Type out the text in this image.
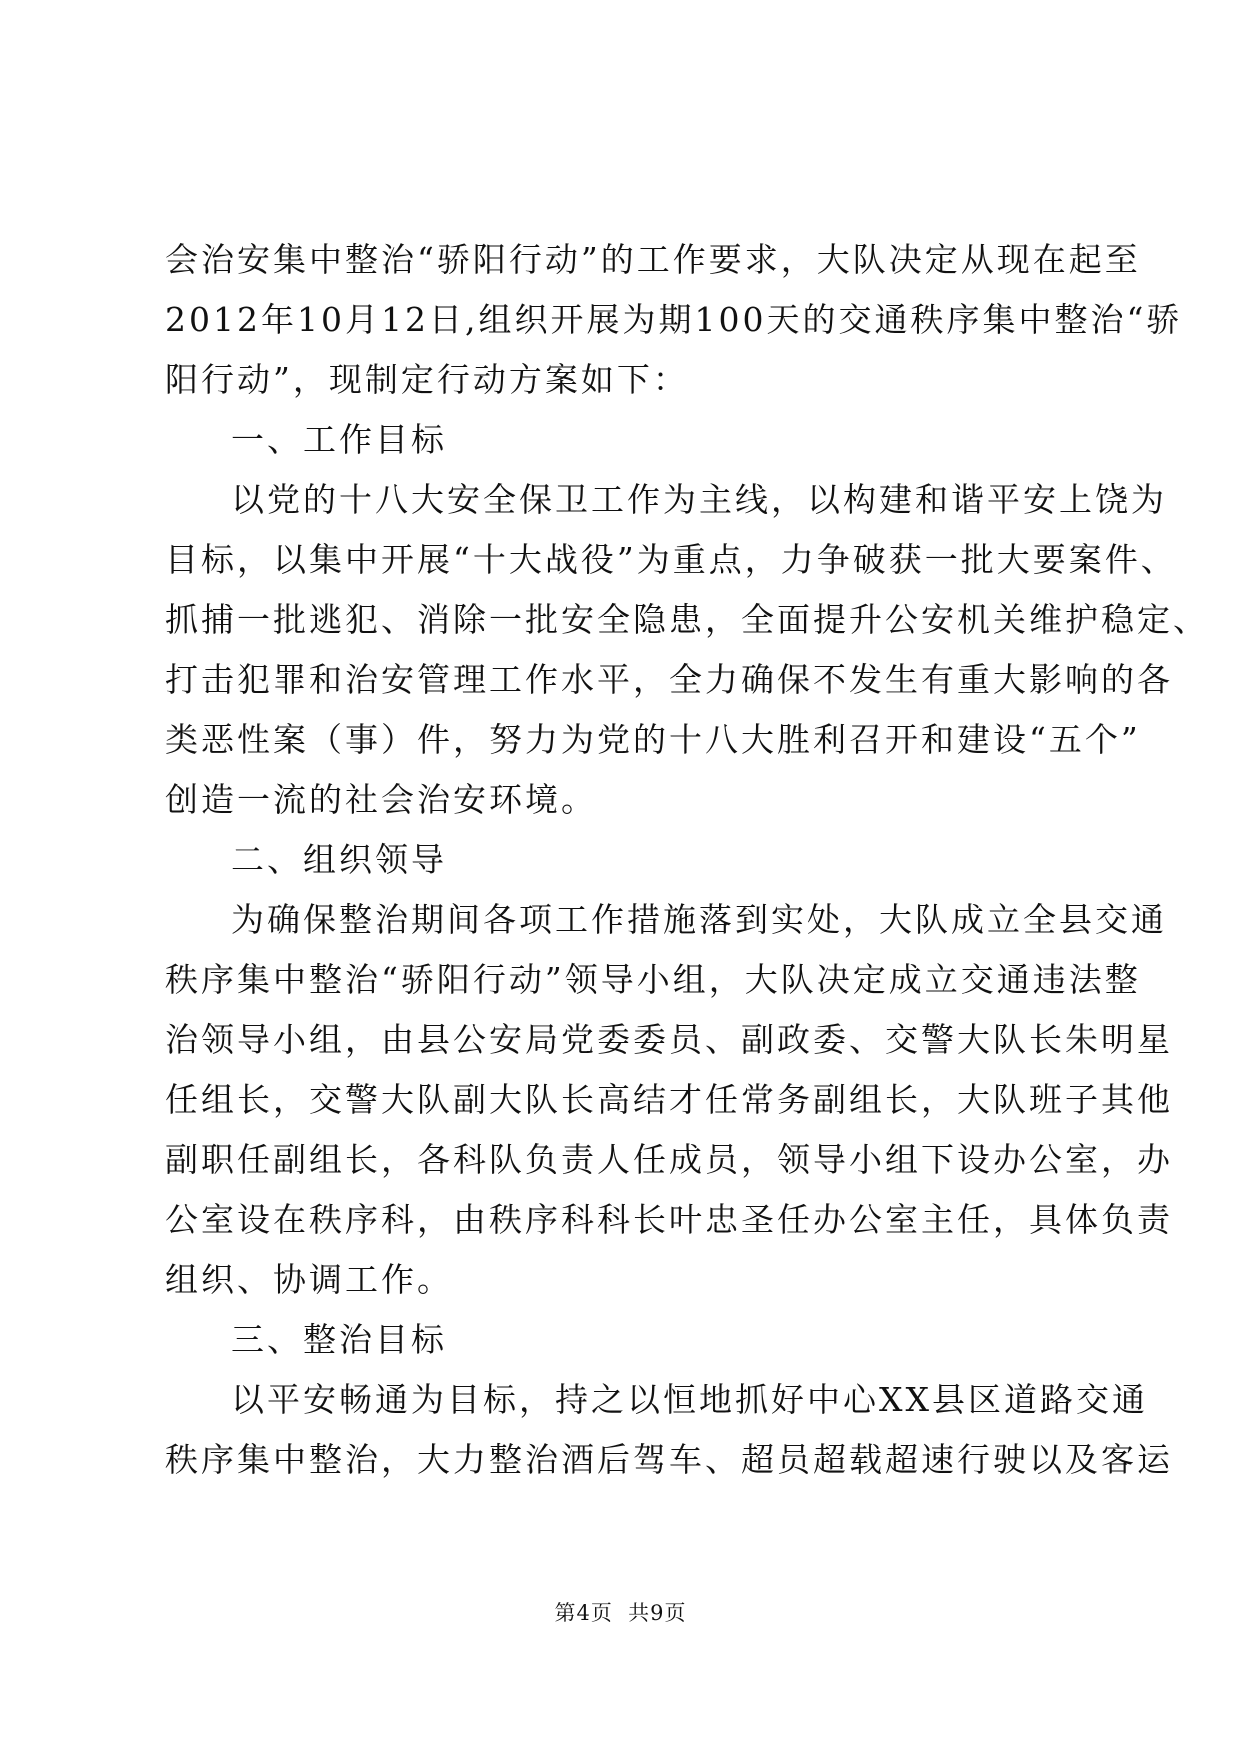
会治安集中整治“骄阳行动”的工作要求，大队决定从现在起至
2012年10月12日,组织开展为期100天的交通秩序集中整治“骄
阳行动”，现制定行动方案如下：
一、工作目标
以党的十八大安全保卫工作为主线，以构建和谐平安上饶为
目标，以集中开展“十大战役”为重点，力争破获一批大要案件、
抓捕一批逃犯、消除一批安全隐患，全面提升公安机关维护稳定、
打击犯罪和治安管理工作水平，全力确保不发生有重大影响的各
类恶性案（事）件，努力为党的十八大胜利召开和建设“五个”
创造一流的社会治安环境。
二、组织领导
为确保整治期间各项工作措施落到实处，大队成立全县交通
秩序集中整治“骄阳行动”领导小组，大队决定成立交通违法整
治领导小组，由县公安局党委委员、副政委、交警大队长朱明星
任组长，交警大队副大队长高结才任常务副组长，大队班子其他
副职任副组长，各科队负责人任成员，领导小组下设办公室，办
公室设在秩序科，由秩序科科长叶忠圣任办公室主任，具体负责
组织、协调工作。
三、整治目标
以平安畅通为目标，持之以恒地抓好中心XX县区道路交通
秩序集中整治，大力整治酒后驾车、超员超载超速行驶以及客运
第4页  共9页
